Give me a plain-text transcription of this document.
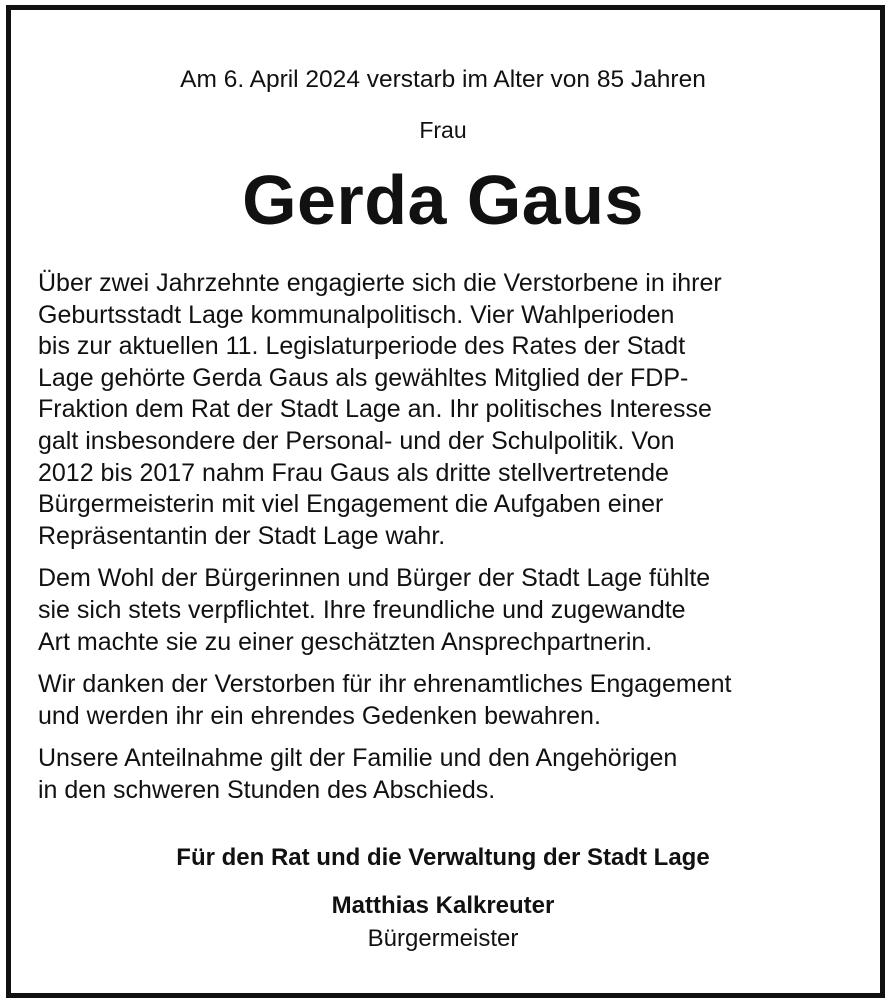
Am 6. April 2024 verstarb im Alter von 85 Jahren
Frau
Gerda Gaus

Über zwei Jahrzehnte engagierte sich die Verstorbene in ihrer
Geburtsstadt Lage kommunalpolitisch. Vier Wahlperioden
bis zur aktuellen 11. Legislaturperiode des Rates der Stadt
Lage gehörte Gerda Gaus als gewähltes Mitglied der FDP-
Fraktion dem Rat der Stadt Lage an. Ihr politisches Interesse
galt insbesondere der Personal- und der Schulpolitik. Von
2012 bis 2017 nahm Frau Gaus als dritte stellvertretende
Bürgermeisterin mit viel Engagement die Aufgaben einer
Repräsentantin der Stadt Lage wahr.

Dem Wohl der Bürgerinnen und Bürger der Stadt Lage fühlte
sie sich stets verpflichtet. Ihre freundliche und zugewandte
Art machte sie zu einer geschätzten Ansprechpartnerin.

Wir danken der Verstorben für ihr ehrenamtliches Engagement
und werden ihr ein ehrendes Gedenken bewahren.

Unsere Anteilnahme gilt der Familie und den Angehörigen
in den schweren Stunden des Abschieds.

Für den Rat und die Verwaltung der Stadt Lage
Matthias Kalkreuter
Bürgermeister
